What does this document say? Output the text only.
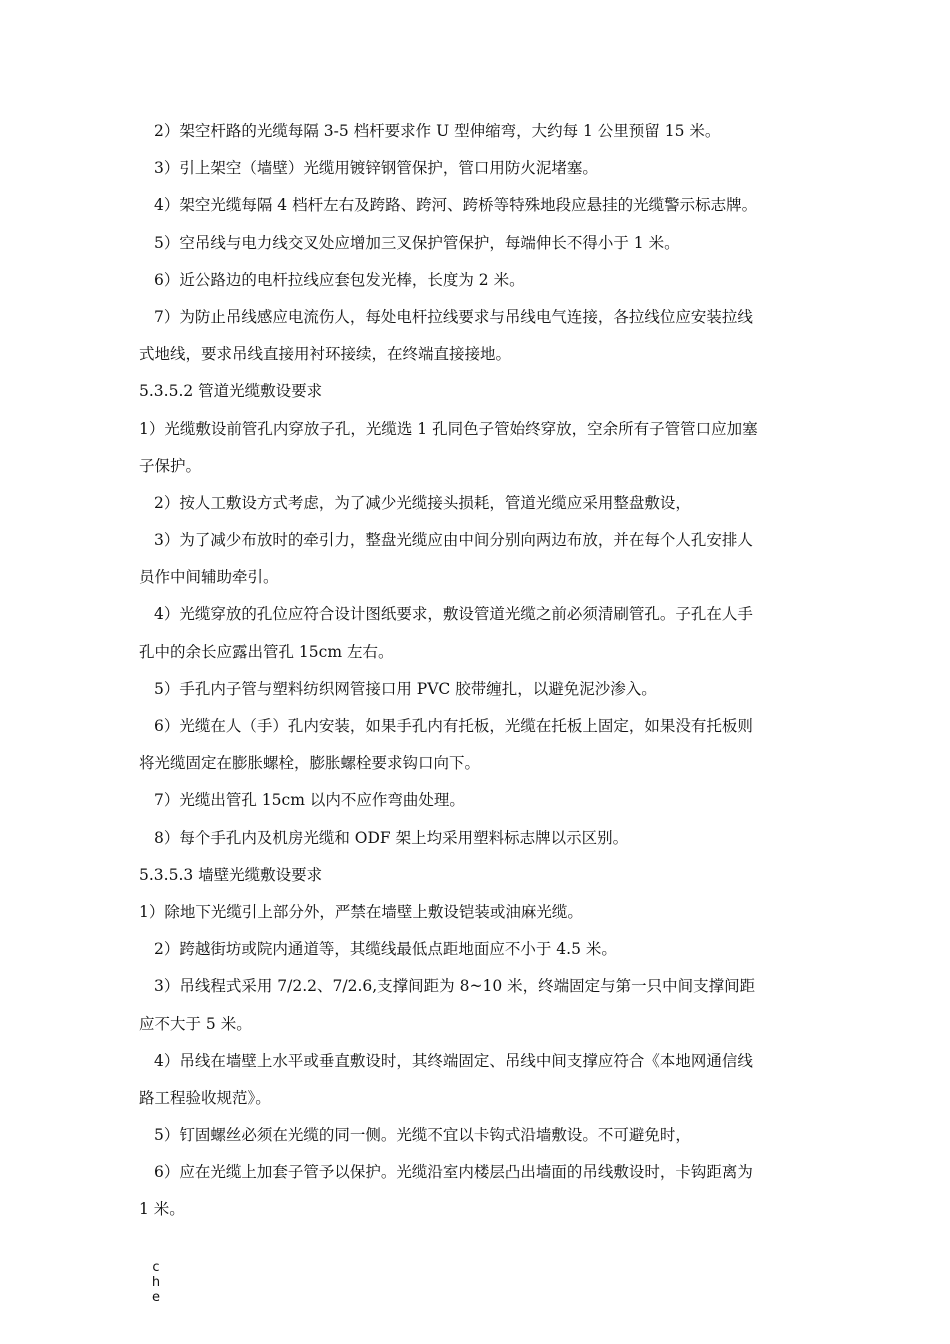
2）架空杆路的光缆每隔 3-5 档杆要求作 U 型伸缩弯，大约每 1 公里预留 15 米。

3）引上架空（墙壁）光缆用镀锌钢管保护，管口用防火泥堵塞。

4）架空光缆每隔 4 档杆左右及跨路、跨河、跨桥等特殊地段应悬挂的光缆警示标志牌。

5）空吊线与电力线交叉处应增加三叉保护管保护，每端伸长不得小于 1 米。

6）近公路边的电杆拉线应套包发光棒，长度为 2 米。

7）为防止吊线感应电流伤人，每处电杆拉线要求与吊线电气连接，各拉线位应安装拉线

式地线，要求吊线直接用衬环接续，在终端直接接地。

5.3.5.2 管道光缆敷设要求

1）光缆敷设前管孔内穿放子孔，光缆选 1 孔同色子管始终穿放，空余所有子管管口应加塞

子保护。

2）按人工敷设方式考虑，为了减少光缆接头损耗，管道光缆应采用整盘敷设，

3）为了减少布放时的牵引力，整盘光缆应由中间分别向两边布放，并在每个人孔安排人

员作中间辅助牵引。

4）光缆穿放的孔位应符合设计图纸要求，敷设管道光缆之前必须清刷管孔。子孔在人手

孔中的余长应露出管孔 15cm 左右。

5）手孔内子管与塑料纺织网管接口用 PVC 胶带缠扎，以避免泥沙渗入。

6）光缆在人（手）孔内安装，如果手孔内有托板，光缆在托板上固定，如果没有托板则

将光缆固定在膨胀螺栓，膨胀螺栓要求钩口向下。

7）光缆出管孔 15cm 以内不应作弯曲处理。

8）每个手孔内及机房光缆和 ODF 架上均采用塑料标志牌以示区别。

5.3.5.3 墙壁光缆敷设要求

1）除地下光缆引上部分外，严禁在墙壁上敷设铠装或油麻光缆。

2）跨越街坊或院内通道等，其缆线最低点距地面应不小于 4.5 米。

3）吊线程式采用 7/2.2、7/2.6,支撑间距为 8~10 米，终端固定与第一只中间支撑间距

应不大于 5 米。

4）吊线在墙壁上水平或垂直敷设时，其终端固定、吊线中间支撑应符合《本地网通信线

路工程验收规范》。

5）钉固螺丝必须在光缆的同一侧。光缆不宜以卡钩式沿墙敷设。不可避免时，

6）应在光缆上加套子管予以保护。光缆沿室内楼层凸出墙面的吊线敷设时，卡钩距离为

1 米。

c
h
e
